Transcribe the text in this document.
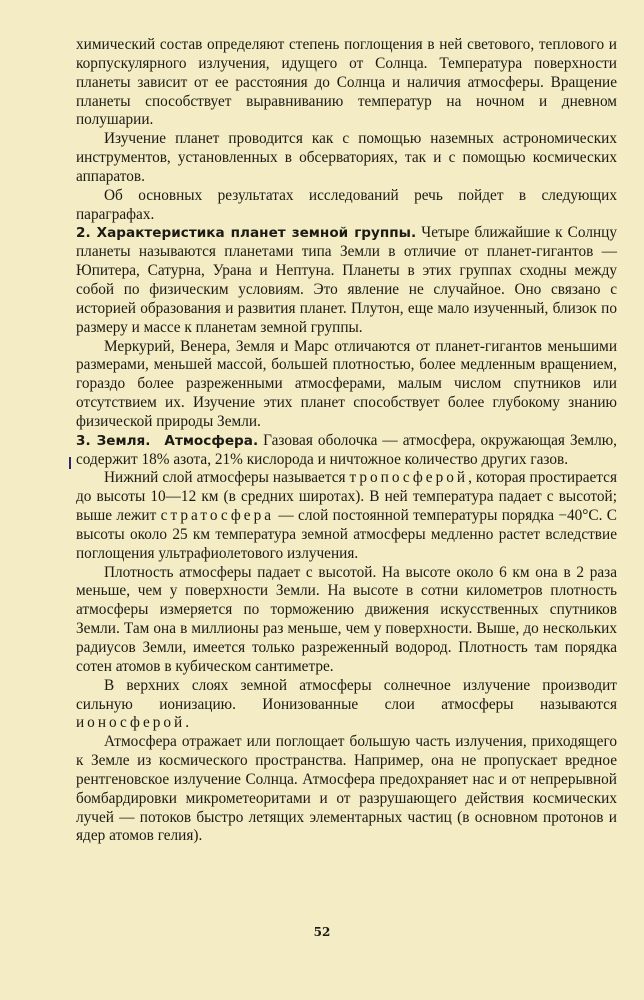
химический состав определяют степень поглощения в ней светового, теплового и корпускулярного излучения, идущего от Солнца. Температура поверхности планеты зависит от ее расстояния до Солнца и наличия атмосферы. Вращение планеты способствует выравниванию температур на ночном и дневном полушарии.

Изучение планет проводится как с помощью наземных астрономических инструментов, установленных в обсерваториях, так и с помощью космических аппаратов.

Об основных результатах исследований речь пойдет в следующих параграфах.

2. Характеристика планет земной группы. Четыре ближайшие к Солнцу планеты называются планетами типа Земли в отличие от планет-гигантов — Юпитера, Сатурна, Урана и Нептуна. Планеты в этих группах сходны между собой по физическим условиям. Это явление не случайное. Оно связано с историей образования и развития планет. Плутон, еще мало изученный, близок по размеру и массе к планетам земной группы.

Меркурий, Венера, Земля и Марс отличаются от планет-гигантов меньшими размерами, меньшей массой, большей плотностью, более медленным вращением, гораздо более разреженными атмосферами, малым числом спутников или отсутствием их. Изучение этих планет способствует более глубокому знанию физической природы Земли.

3. Земля. Атмосфера. Газовая оболочка — атмосфера, окружающая Землю, содержит 18% азота, 21% кислорода и ничтожное количество других газов.

Нижний слой атмосферы называется тропосферой, которая простирается до высоты 10—12 км (в средних широтах). В ней температура падает с высотой; выше лежит стратосфера — слой постоянной температуры порядка −40°С. С высоты около 25 км температура земной атмосферы медленно растет вследствие поглощения ультрафиолетового излучения.

Плотность атмосферы падает с высотой. На высоте около 6 км она в 2 раза меньше, чем у поверхности Земли. На высоте в сотни километров плотность атмосферы измеряется по торможению движения искусственных спутников Земли. Там она в миллионы раз меньше, чем у поверхности. Выше, до нескольких радиусов Земли, имеется только разреженный водород. Плотность там порядка сотен атомов в кубическом сантиметре.

В верхних слоях земной атмосферы солнечное излучение производит сильную ионизацию. Ионизованные слои атмосферы называются ионосферой.

Атмосфера отражает или поглощает большую часть излучения, приходящего к Земле из космического пространства. Например, она не пропускает вредное рентгеновское излучение Солнца. Атмосфера предохраняет нас и от непрерывной бомбардировки микрометеоритами и от разрушающего действия космических лучей — потоков быстро летящих элементарных частиц (в основном протонов и ядер атомов гелия).

52
